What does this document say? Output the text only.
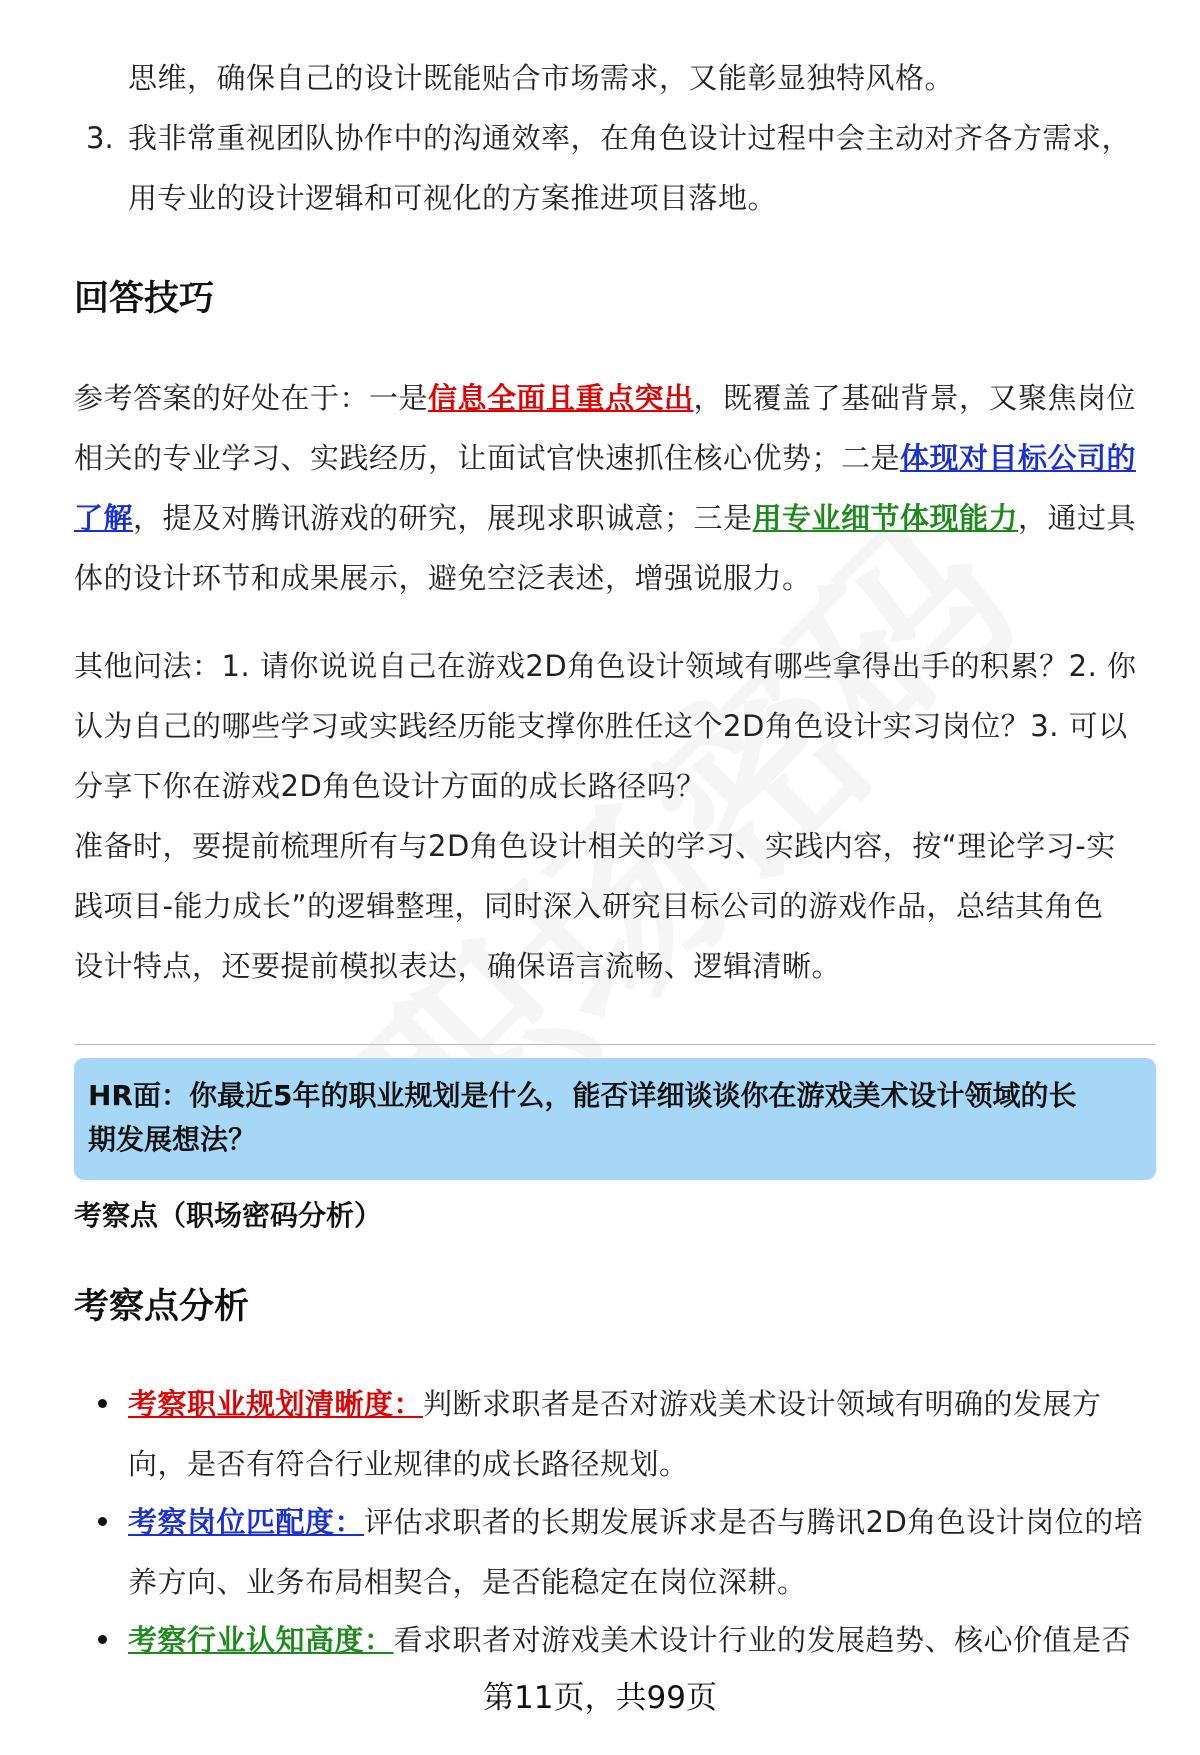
思维，确保自己的设计既能贴合市场需求，又能彰显独特风格。
3. 我非常重视团队协作中的沟通效率，在角色设计过程中会主动对齐各方需求，
用专业的设计逻辑和可视化的方案推进项目落地。
回答技巧
参考答案的好处在于：一是信息全面且重点突出，既覆盖了基础背景，又聚焦岗位
相关的专业学习、实践经历，让面试官快速抓住核心优势；二是体现对目标公司的
了解，提及对腾讯游戏的研究，展现求职诚意；三是用专业细节体现能力，通过具
体的设计环节和成果展示，避免空泛表述，增强说服力。
其他问法：1. 请你说说自己在游戏2D角色设计领域有哪些拿得出手的积累？2. 你
认为自己的哪些学习或实践经历能支撑你胜任这个2D角色设计实习岗位？3. 可以
分享下你在游戏2D角色设计方面的成长路径吗？
准备时，要提前梳理所有与2D角色设计相关的学习、实践内容，按“理论学习-实
践项目-能力成长”的逻辑整理，同时深入研究目标公司的游戏作品，总结其角色
设计特点，还要提前模拟表达，确保语言流畅、逻辑清晰。
HR面：你最近5年的职业规划是什么，能否详细谈谈你在游戏美术设计领域的长
期发展想法？
考察点（职场密码分析）
考察点分析
考察职业规划清晰度：判断求职者是否对游戏美术设计领域有明确的发展方
向，是否有符合行业规律的成长路径规划。
考察岗位匹配度：评估求职者的长期发展诉求是否与腾讯2D角色设计岗位的培
养方向、业务布局相契合，是否能稳定在岗位深耕。
考察行业认知高度：看求职者对游戏美术设计行业的发展趋势、核心价值是否
第11页，共99页
